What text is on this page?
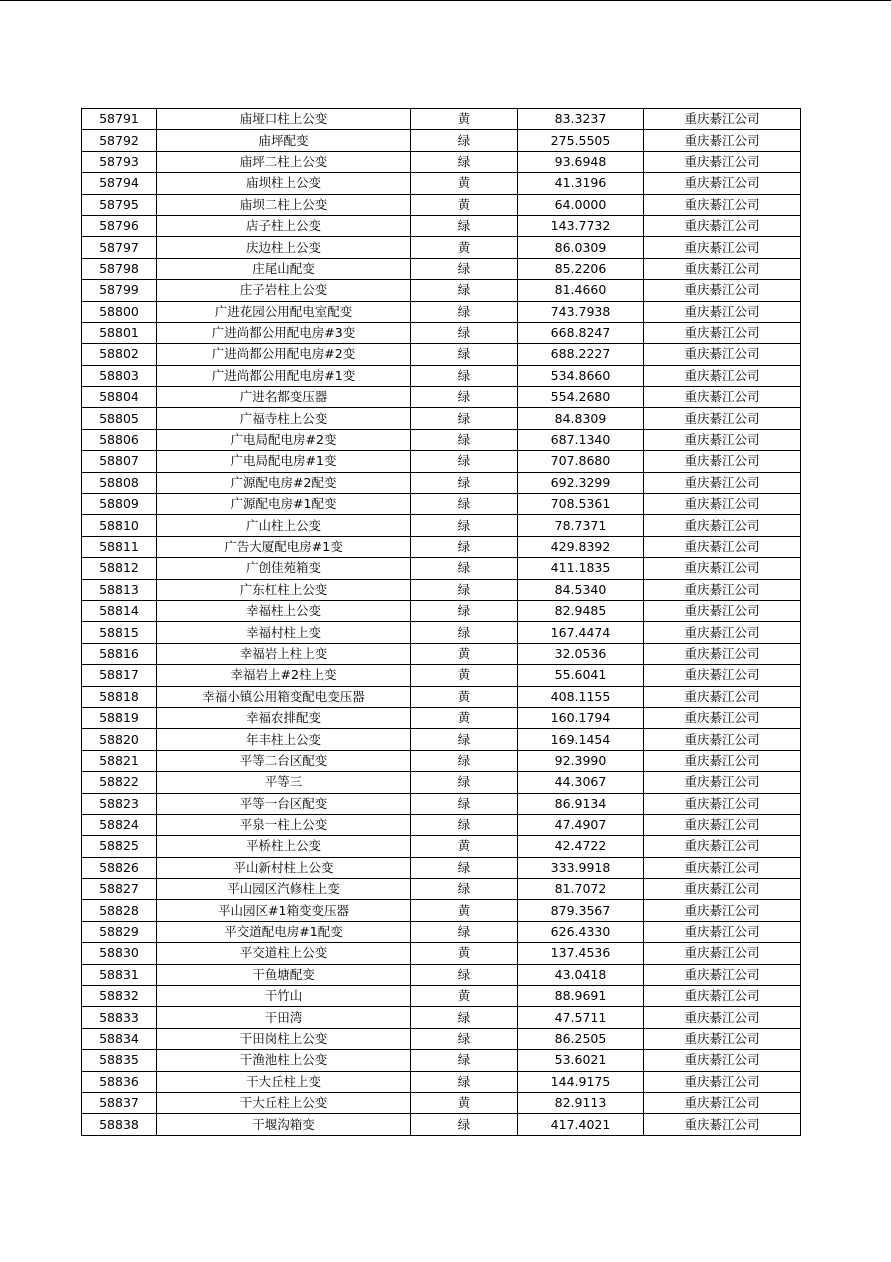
58791	庙垭口柱上公变	黄	83.3237	重庆綦江公司
58792	庙坪配变	绿	275.5505	重庆綦江公司
58793	庙坪二柱上公变	绿	93.6948	重庆綦江公司
58794	庙坝柱上公变	黄	41.3196	重庆綦江公司
58795	庙坝二柱上公变	黄	64.0000	重庆綦江公司
58796	店子柱上公变	绿	143.7732	重庆綦江公司
58797	庆边柱上公变	黄	86.0309	重庆綦江公司
58798	庄尾山配变	绿	85.2206	重庆綦江公司
58799	庄子岩柱上公变	绿	81.4660	重庆綦江公司
58800	广进花园公用配电室配变	绿	743.7938	重庆綦江公司
58801	广进尚都公用配电房#3变	绿	668.8247	重庆綦江公司
58802	广进尚都公用配电房#2变	绿	688.2227	重庆綦江公司
58803	广进尚都公用配电房#1变	绿	534.8660	重庆綦江公司
58804	广进名都变压器	绿	554.2680	重庆綦江公司
58805	广福寺柱上公变	绿	84.8309	重庆綦江公司
58806	广电局配电房#2变	绿	687.1340	重庆綦江公司
58807	广电局配电房#1变	绿	707.8680	重庆綦江公司
58808	广源配电房#2配变	绿	692.3299	重庆綦江公司
58809	广源配电房#1配变	绿	708.5361	重庆綦江公司
58810	广山柱上公变	绿	78.7371	重庆綦江公司
58811	广告大厦配电房#1变	绿	429.8392	重庆綦江公司
58812	广创佳苑箱变	绿	411.1835	重庆綦江公司
58813	广东杠柱上公变	绿	84.5340	重庆綦江公司
58814	幸福柱上公变	绿	82.9485	重庆綦江公司
58815	幸福村柱上变	绿	167.4474	重庆綦江公司
58816	幸福岩上柱上变	黄	32.0536	重庆綦江公司
58817	幸福岩上#2柱上变	黄	55.6041	重庆綦江公司
58818	幸福小镇公用箱变配电变压器	黄	408.1155	重庆綦江公司
58819	幸福农排配变	黄	160.1794	重庆綦江公司
58820	年丰柱上公变	绿	169.1454	重庆綦江公司
58821	平等二台区配变	绿	92.3990	重庆綦江公司
58822	平等三	绿	44.3067	重庆綦江公司
58823	平等一台区配变	绿	86.9134	重庆綦江公司
58824	平泉一柱上公变	绿	47.4907	重庆綦江公司
58825	平桥柱上公变	黄	42.4722	重庆綦江公司
58826	平山新村柱上公变	绿	333.9918	重庆綦江公司
58827	平山园区汽修柱上变	绿	81.7072	重庆綦江公司
58828	平山园区#1箱变变压器	黄	879.3567	重庆綦江公司
58829	平交道配电房#1配变	绿	626.4330	重庆綦江公司
58830	平交道柱上公变	黄	137.4536	重庆綦江公司
58831	干鱼塘配变	绿	43.0418	重庆綦江公司
58832	干竹山	黄	88.9691	重庆綦江公司
58833	干田湾	绿	47.5711	重庆綦江公司
58834	干田岗柱上公变	绿	86.2505	重庆綦江公司
58835	干渔池柱上公变	绿	53.6021	重庆綦江公司
58836	干大丘柱上变	绿	144.9175	重庆綦江公司
58837	干大丘柱上公变	黄	82.9113	重庆綦江公司
58838	干堰沟箱变	绿	417.4021	重庆綦江公司
